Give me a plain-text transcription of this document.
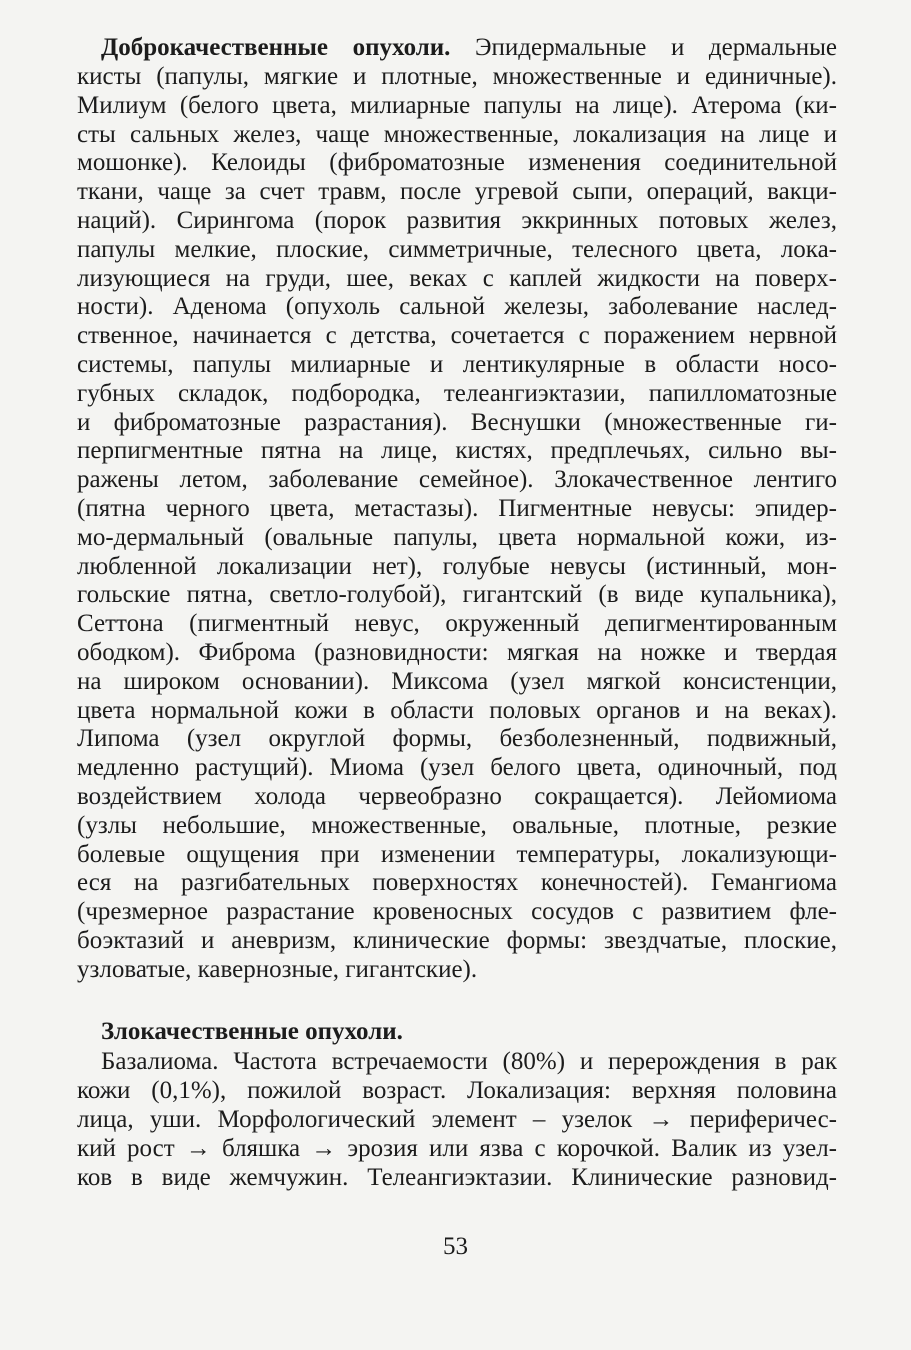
Доброкачественные опухоли. Эпидермальные и дермальные
кисты (папулы, мягкие и плотные, множественные и единичные).
Милиум (белого цвета, милиарные папулы на лице). Атерома (ки-
сты сальных желез, чаще множественные, локализация на лице и
мошонке). Келоиды (фиброматозные изменения соединительной
ткани, чаще за счет травм, после угревой сыпи, операций, вакци-
наций). Сирингома (порок развития эккринных потовых желез,
папулы мелкие, плоские, симметричные, телесного цвета, лока-
лизующиеся на груди, шее, веках с каплей жидкости на поверх-
ности). Аденома (опухоль сальной железы, заболевание наслед-
ственное, начинается с детства, сочетается с поражением нервной
системы, папулы милиарные и лентикулярные в области носо-
губных складок, подбородка, телеангиэктазии, папилломатозные
и фиброматозные разрастания). Веснушки (множественные ги-
перпигментные пятна на лице, кистях, предплечьях, сильно вы-
ражены летом, заболевание семейное). Злокачественное лентиго
(пятна черного цвета, метастазы). Пигментные невусы: эпидер-
мо-дермальный (овальные папулы, цвета нормальной кожи, из-
любленной локализации нет), голубые невусы (истинный, мон-
гольские пятна, светло-голубой), гигантский (в виде купальника),
Сеттона (пигментный невус, окруженный депигментированным
ободком). Фиброма (разновидности: мягкая на ножке и твердая
на широком основании). Миксома (узел мягкой консистенции,
цвета нормальной кожи в области половых органов и на веках).
Липома (узел округлой формы, безболезненный, подвижный,
медленно растущий). Миома (узел белого цвета, одиночный, под
воздействием холода червеобразно сокращается). Лейомиома
(узлы небольшие, множественные, овальные, плотные, резкие
болевые ощущения при изменении температуры, локализующи-
еся на разгибательных поверхностях конечностей). Гемангиома
(чрезмерное разрастание кровеносных сосудов с развитием фле-
боэктазий и аневризм, клинические формы: звездчатые, плоские,
узловатые, кавернозные, гигантские).
Злокачественные опухоли.
Базалиома. Частота встречаемости (80%) и перерождения в рак
кожи (0,1%), пожилой возраст. Локализация: верхняя половина
лица, уши. Морфологический элемент – узелок → периферичес-
кий рост → бляшка → эрозия или язва с корочкой. Валик из узел-
ков в виде жемчужин. Телеангиэктазии. Клинические разновид-
53
